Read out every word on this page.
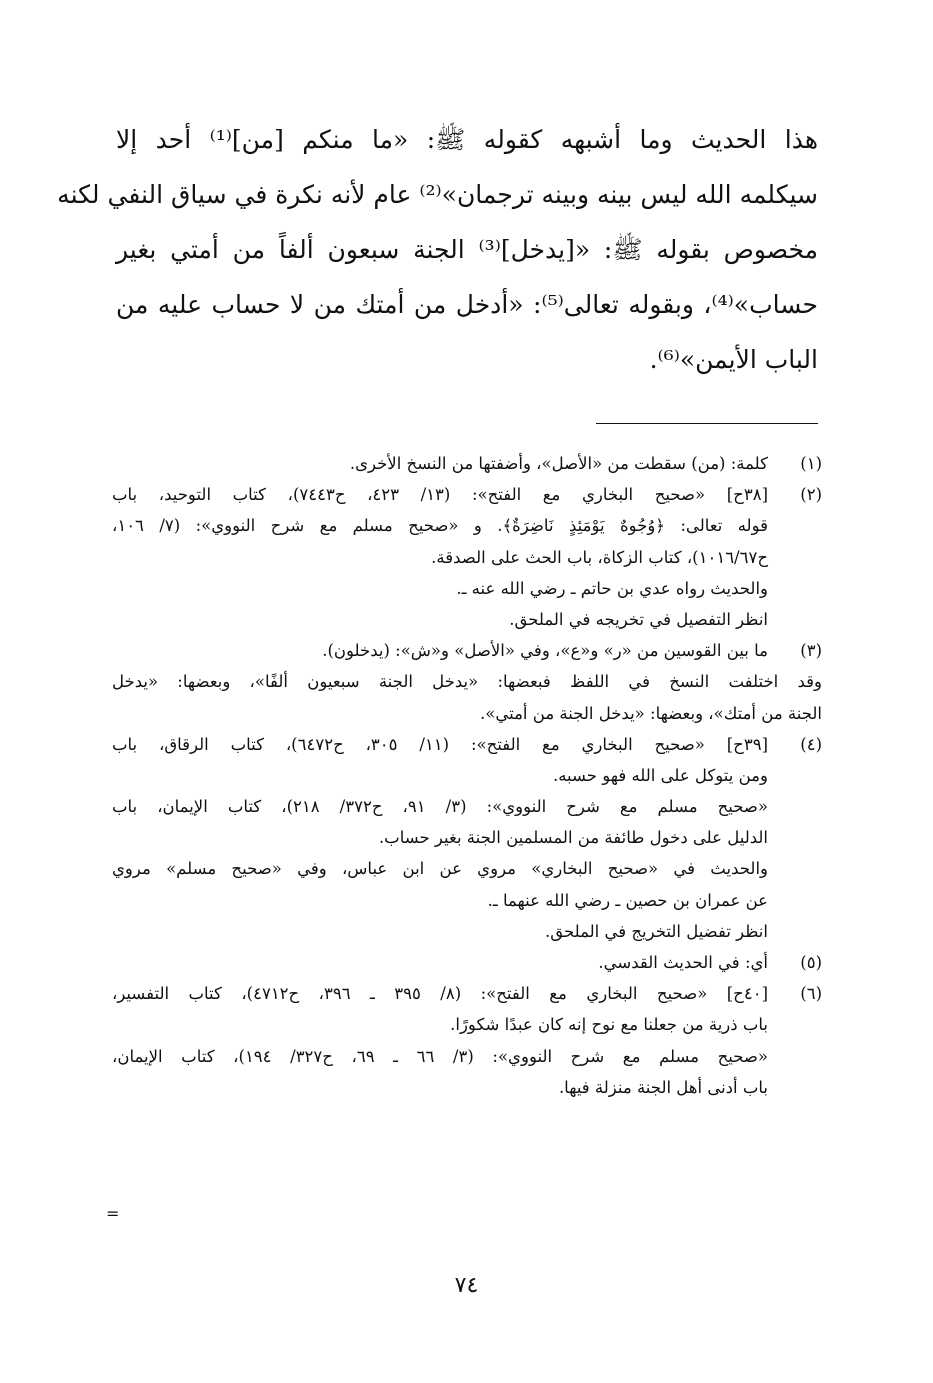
هذا الحديث وما أشبهه كقوله ﷺ: «ما منكم [من]⁽¹⁾ أحد إلا
سيكلمه الله ليس بينه وبينه ترجمان»⁽²⁾ عام لأنه نكرة في سياق النفي لكنه
مخصوص بقوله ﷺ: «[يدخل]⁽³⁾ الجنة سبعون ألفاً من أمتي بغير
حساب»⁽⁴⁾، وبقوله تعالى⁽⁵⁾: «أدخل من أمتك من لا حساب عليه من
الباب الأيمن»⁽⁶⁾.
(١)
كلمة: (من) سقطت من «الأصل»، وأضفتها من النسخ الأخرى.
(٢)
[٣٨ح] «صحيح البخاري مع الفتح»: (١٣/ ٤٢٣، ح٧٤٤٣)، كتاب التوحيد، باب
قوله تعالى: ﴿وُجُوهٌ يَوْمَئِذٍ نَاضِرَةٌ﴾. و «صحيح مسلم مع شرح النووي»: (٧/ ١٠٦،
ح١٠١٦/٦٧)، كتاب الزكاة، باب الحث على الصدقة.
والحديث رواه عدي بن حاتم ـ رضي الله عنه ـ.
انظر التفصيل في تخريجه في الملحق.
(٣)
ما بين القوسين من «ر» و«ع»، وفي «الأصل» و«ش»: (يدخلون).
وقد اختلفت النسخ في اللفظ فبعضها: «يدخل الجنة سبعيون ألفًا»، وبعضها: «يدخل
الجنة من أمتك»، وبعضها: «يدخل الجنة من أمتي».
(٤)
[٣٩ح] «صحيح البخاري مع الفتح»: (١١/ ٣٠٥، ح٦٤٧٢)، كتاب الرقاق، باب
ومن يتوكل على الله فهو حسبه.
«صحيح مسلم مع شرح النووي»: (٣/ ٩١، ح٣٧٢/ ٢١٨)، كتاب الإيمان، باب
الدليل على دخول طائفة من المسلمين الجنة بغير حساب.
والحديث في «صحيح البخاري» مروي عن ابن عباس، وفي «صحيح مسلم» مروي
عن عمران بن حصين ـ رضي الله عنهما ـ.
انظر تفضيل التخريج في الملحق.
(٥)
أي: في الحديث القدسي.
(٦)
[٤٠ح] «صحيح البخاري مع الفتح»: (٨/ ٣٩٥ ـ ٣٩٦، ح٤٧١٢)، كتاب التفسير،
باب ذرية من جعلنا مع نوح إنه كان عبدًا شكورًا.
«صحيح مسلم مع شرح النووي»: (٣/ ٦٦ ـ ٦٩، ح٣٢٧/ ١٩٤)، كتاب الإيمان،
باب أدنى أهل الجنة منزلة فيها.
=
٧٤
